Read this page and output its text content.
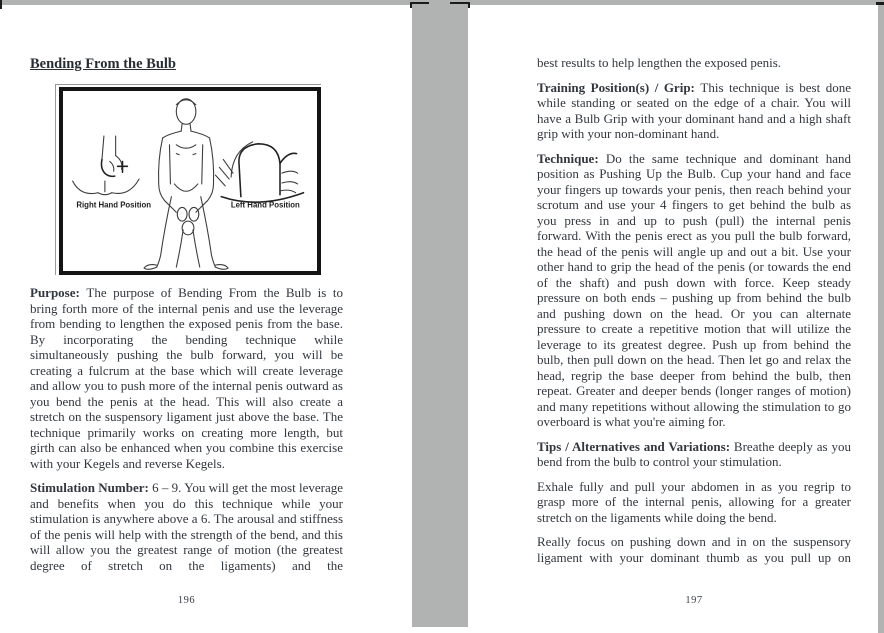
Bending From the Bulb
Right Hand Position	Left Hand Position

Purpose: The purpose of Bending From the Bulb is to bring forth more of the internal penis and use the leverage from bending to lengthen the exposed penis from the base. By incorporating the bending technique while simultaneously pushing the bulb forward, you will be creating a fulcrum at the base which will create leverage and allow you to push more of the internal penis outward as you bend the penis at the head. This will also create a stretch on the suspensory ligament just above the base. The technique primarily works on creating more length, but girth can also be enhanced when you combine this exercise with your Kegels and reverse Kegels.

Stimulation Number: 6 – 9. You will get the most leverage and benefits when you do this technique while your stimulation is anywhere above a 6. The arousal and stiffness of the penis will help with the strength of the bend, and this will allow you the greatest range of motion (the greatest degree of stretch on the ligaments) and the

196

best results to help lengthen the exposed penis.

Training Position(s) / Grip: This technique is best done while standing or seated on the edge of a chair. You will have a Bulb Grip with your dominant hand and a high shaft grip with your non-dominant hand.

Technique: Do the same technique and dominant hand position as Pushing Up the Bulb. Cup your hand and face your fingers up towards your penis, then reach behind your scrotum and use your 4 fingers to get behind the bulb as you press in and up to push (pull) the internal penis forward. With the penis erect as you pull the bulb forward, the head of the penis will angle up and out a bit. Use your other hand to grip the head of the penis (or towards the end of the shaft) and push down with force. Keep steady pressure on both ends – pushing up from behind the bulb and pushing down on the head. Or you can alternate pressure to create a repetitive motion that will utilize the leverage to its greatest degree. Push up from behind the bulb, then pull down on the head. Then let go and relax the head, regrip the base deeper from behind the bulb, then repeat. Greater and deeper bends (longer ranges of motion) and many repetitions without allowing the stimulation to go overboard is what you're aiming for.

Tips / Alternatives and Variations: Breathe deeply as you bend from the bulb to control your stimulation.

Exhale fully and pull your abdomen in as you regrip to grasp more of the internal penis, allowing for a greater stretch on the ligaments while doing the bend.

Really focus on pushing down and in on the suspensory ligament with your dominant thumb as you pull up on

197
